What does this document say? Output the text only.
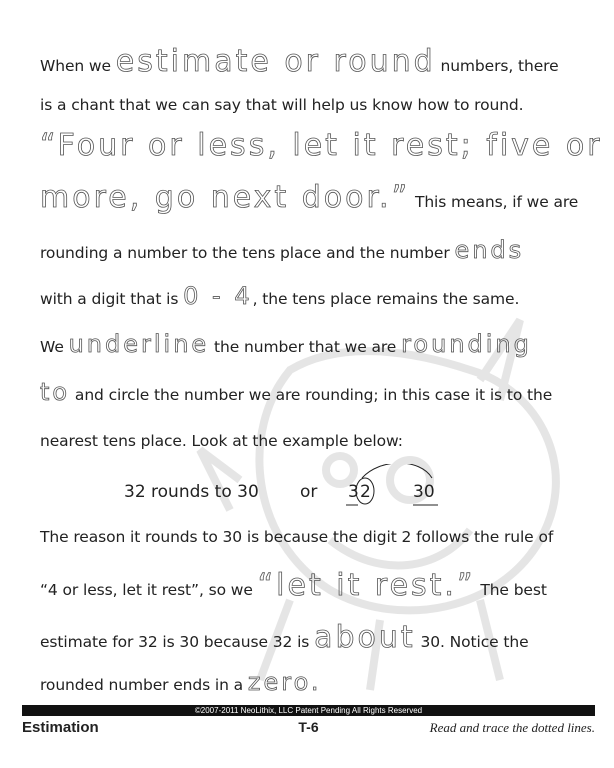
When we estimate or round numbers, there
is a chant that we can say that will help us know how to round.
“Four or less, let it rest; five or
more, go next door.” This means, if we are
rounding a number to the tens place and the number ends
with a digit that is 0 - 4, the tens place remains the same.
We underline the number that we are rounding
to and circle the number we are rounding; in this case it is to the
nearest tens place. Look at the example below:
32 rounds to 30 or 3 2 30
The reason it rounds to 30 is because the digit 2 follows the rule of
“4 or less, let it rest”, so we “let it rest.” The best
estimate for 32 is 30 because 32 is about 30. Notice the
rounded number ends in a zero.
©2007-2011 NeoLithix, LLC Patent Pending All Rights Reserved
Estimation	T-6	Read and trace the dotted lines.
